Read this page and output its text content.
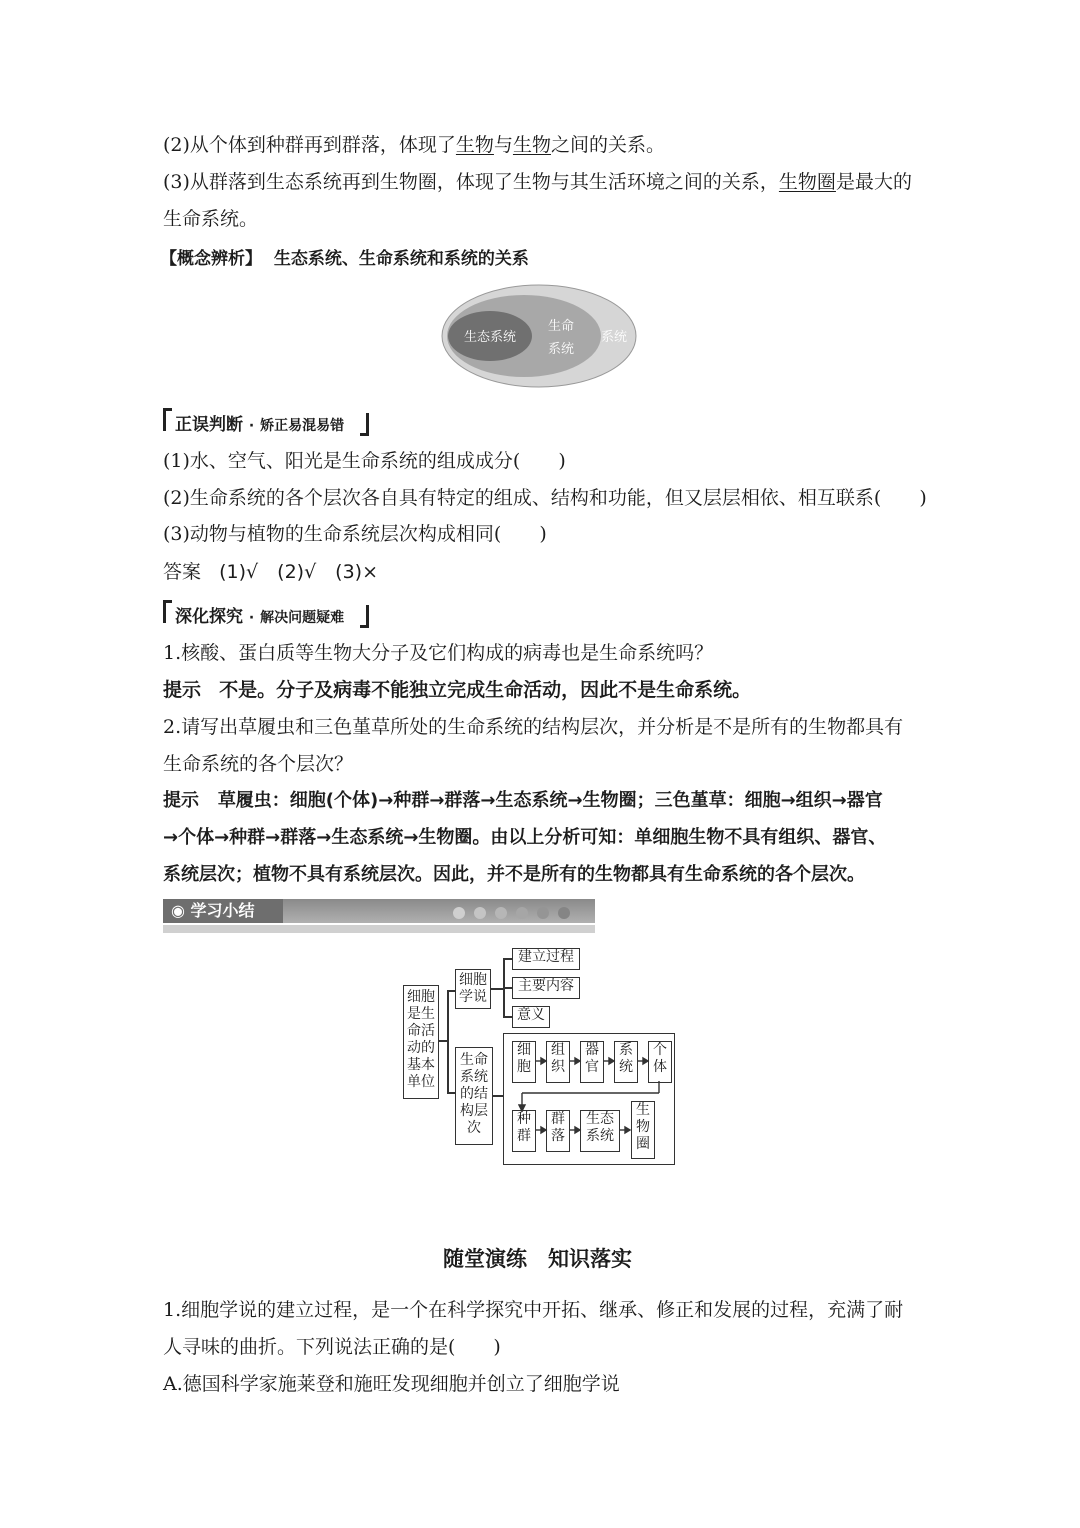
(2)从个体到种群再到群落，体现了生物与生物之间的关系。
(3)从群落到生态系统再到生物圈，体现了生物与其生活环境之间的关系，生物圈是最大的
生命系统。
【概念辨析】 生态系统、生命系统和系统的关系
生态系统
生命
系统
系统
正误判断 · 矫正易混易错
(1)水、空气、阳光是生命系统的组成成分(　　)
(2)生命系统的各个层次各自具有特定的组成、结构和功能，但又层层相依、相互联系(　　)
(3)动物与植物的生命系统层次构成相同(　　)
答案 (1)√　(2)√　(3)×
深化探究 · 解决问题疑难
1.核酸、蛋白质等生物大分子及它们构成的病毒也是生命系统吗？
提示 不是。分子及病毒不能独立完成生命活动，因此不是生命系统。
2.请写出草履虫和三色堇草所处的生命系统的结构层次，并分析是不是所有的生物都具有
生命系统的各个层次？
提示 草履虫：细胞(个体)→种群→群落→生态系统→生物圈；三色堇草：细胞→组织→器官
→个体→种群→群落→生态系统→生物圈。由以上分析可知：单细胞生物不具有组织、器官、
系统层次；植物不具有系统层次。因此，并不是所有的生物都具有生命系统的各个层次。
◉ 学习小结
细胞
是生
命活
动的
基本
单位
细胞
学说
建立过程
主要内容
意义
生命
系统
的结
构层
次
细
胞
组
织
器
官
系
统
个
体
种
群
群
落
生态
系统
生
物
圈
随堂演练　知识落实
1.细胞学说的建立过程，是一个在科学探究中开拓、继承、修正和发展的过程，充满了耐
人寻味的曲折。下列说法正确的是(　　)
A.德国科学家施莱登和施旺发现细胞并创立了细胞学说
